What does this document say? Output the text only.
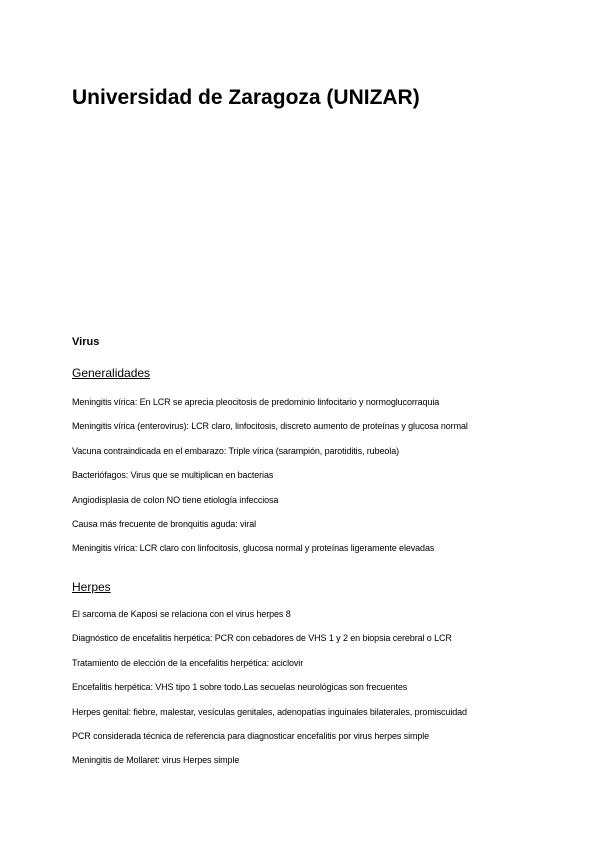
Universidad de Zaragoza (UNIZAR)
Virus
Generalidades
Meningitis vírica: En LCR se aprecia pleocitosis de predominio linfocitario y normoglucorraquia
Meningitis vírica (enterovirus): LCR claro, linfocitosis, discreto aumento de proteínas y glucosa normal
Vacuna contraindicada en el embarazo: Triple vírica (sarampión, parotiditis, rubeola)
Bacteriófagos: Virus que se multiplican en bacterias
Angiodisplasia de colon NO tiene etiología infecciosa
Causa más frecuente de bronquitis aguda: viral
Meningitis vírica: LCR claro con linfocitosis, glucosa normal y proteínas ligeramente elevadas
Herpes
El sarcoma de Kaposi se relaciona con el virus herpes 8
Diagnóstico de encefalitis herpética: PCR con cebadores de VHS 1 y 2 en biopsia cerebral o LCR
Tratamiento de elección de la encefalitis herpética: aciclovir
Encefalitis herpética: VHS tipo 1 sobre todo.Las secuelas neurológicas son frecuentes
Herpes genital: fiebre, malestar, vesículas genitales, adenopatías inguinales bilaterales, promiscuidad
PCR considerada técnica de referencia para diagnosticar encefalitis por virus herpes simple
Meningitis de Mollaret: virus Herpes simple
